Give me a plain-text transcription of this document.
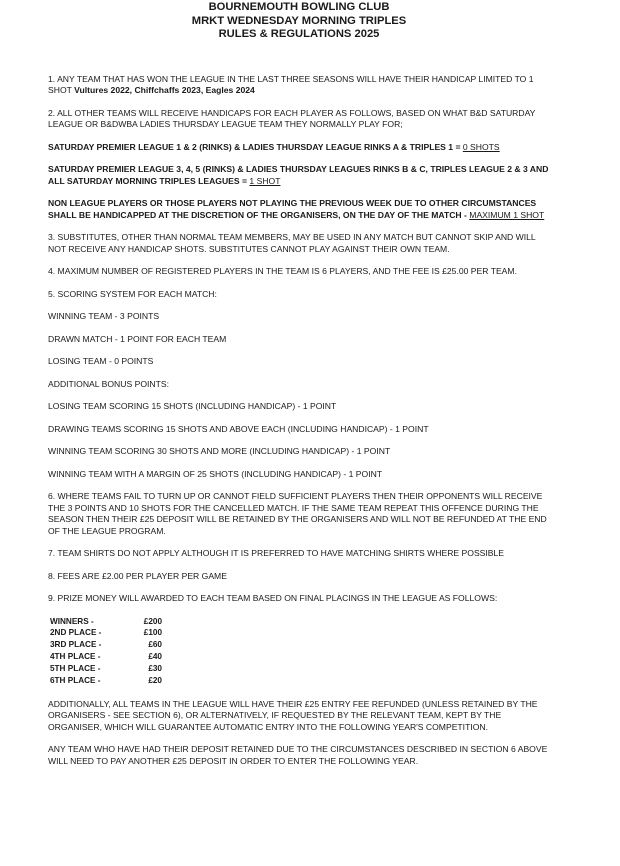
BOURNEMOUTH BOWLING CLUB
MRKT WEDNESDAY MORNING TRIPLES
RULES & REGULATIONS 2025

1. ANY TEAM THAT HAS WON THE LEAGUE IN THE LAST THREE SEASONS WILL HAVE THEIR HANDICAP LIMITED TO 1 SHOT Vultures 2022, Chiffchaffs 2023, Eagles 2024

2. ALL OTHER TEAMS WILL RECEIVE HANDICAPS FOR EACH PLAYER AS FOLLOWS, BASED ON WHAT B&D SATURDAY LEAGUE OR B&DWBA LADIES THURSDAY LEAGUE TEAM THEY NORMALLY PLAY FOR;

SATURDAY PREMIER LEAGUE 1 & 2 (RINKS) & LADIES THURSDAY LEAGUE RINKS A & TRIPLES 1 = 0 SHOTS

SATURDAY PREMIER LEAGUE 3, 4, 5 (RINKS) & LADIES THURSDAY LEAGUES RINKS B & C, TRIPLES LEAGUE 2 & 3 AND ALL SATURDAY MORNING TRIPLES LEAGUES = 1 SHOT

NON LEAGUE PLAYERS OR THOSE PLAYERS NOT PLAYING THE PREVIOUS WEEK DUE TO OTHER CIRCUMSTANCES SHALL BE HANDICAPPED AT THE DISCRETION OF THE ORGANISERS, ON THE DAY OF THE MATCH - MAXIMUM 1 SHOT

3. SUBSTITUTES, OTHER THAN NORMAL TEAM MEMBERS, MAY BE USED IN ANY MATCH BUT CANNOT SKIP AND WILL NOT RECEIVE ANY HANDICAP SHOTS. SUBSTITUTES CANNOT PLAY AGAINST THEIR OWN TEAM.

4. MAXIMUM NUMBER OF REGISTERED PLAYERS IN THE TEAM IS 6 PLAYERS, AND THE FEE IS £25.00 PER TEAM.

5. SCORING SYSTEM FOR EACH MATCH:

WINNING TEAM - 3 POINTS

DRAWN MATCH - 1 POINT FOR EACH TEAM

LOSING TEAM - 0 POINTS

ADDITIONAL BONUS POINTS:

LOSING TEAM SCORING 15 SHOTS (INCLUDING HANDICAP) - 1 POINT

DRAWING TEAMS SCORING 15 SHOTS AND ABOVE EACH (INCLUDING HANDICAP) - 1 POINT

WINNING TEAM SCORING 30 SHOTS AND MORE (INCLUDING HANDICAP) - 1 POINT

WINNING TEAM WITH A MARGIN OF 25 SHOTS (INCLUDING HANDICAP) - 1 POINT

6. WHERE TEAMS FAIL TO TURN UP OR CANNOT FIELD SUFFICIENT PLAYERS THEN THEIR OPPONENTS WILL RECEIVE THE 3 POINTS AND 10 SHOTS FOR THE CANCELLED MATCH. IF THE SAME TEAM REPEAT THIS OFFENCE DURING THE SEASON THEN THEIR £25 DEPOSIT WILL BE RETAINED BY THE ORGANISERS AND WILL NOT BE REFUNDED AT THE END OF THE LEAGUE PROGRAM.

7. TEAM SHIRTS DO NOT APPLY ALTHOUGH IT IS PREFERRED TO HAVE MATCHING SHIRTS WHERE POSSIBLE

8. FEES ARE £2.00 PER PLAYER PER GAME

9. PRIZE MONEY WILL AWARDED TO EACH TEAM BASED ON FINAL PLACINGS IN THE LEAGUE AS FOLLOWS:

WINNERS -	£200
2ND PLACE -	£100
3RD PLACE -	£60
4TH PLACE -	£40
5TH PLACE -	£30
6TH PLACE -	£20

ADDITIONALLY, ALL TEAMS IN THE LEAGUE WILL HAVE THEIR £25 ENTRY FEE REFUNDED (UNLESS RETAINED BY THE ORGANISERS - SEE SECTION 6), OR ALTERNATIVELY, IF REQUESTED BY THE RELEVANT TEAM, KEPT BY THE ORGANISER, WHICH WILL GUARANTEE AUTOMATIC ENTRY INTO THE FOLLOWING YEAR'S COMPETITION.

ANY TEAM WHO HAVE HAD THEIR DEPOSIT RETAINED DUE TO THE CIRCUMSTANCES DESCRIBED IN SECTION 6 ABOVE WILL NEED TO PAY ANOTHER £25 DEPOSIT IN ORDER TO ENTER THE FOLLOWING YEAR.
